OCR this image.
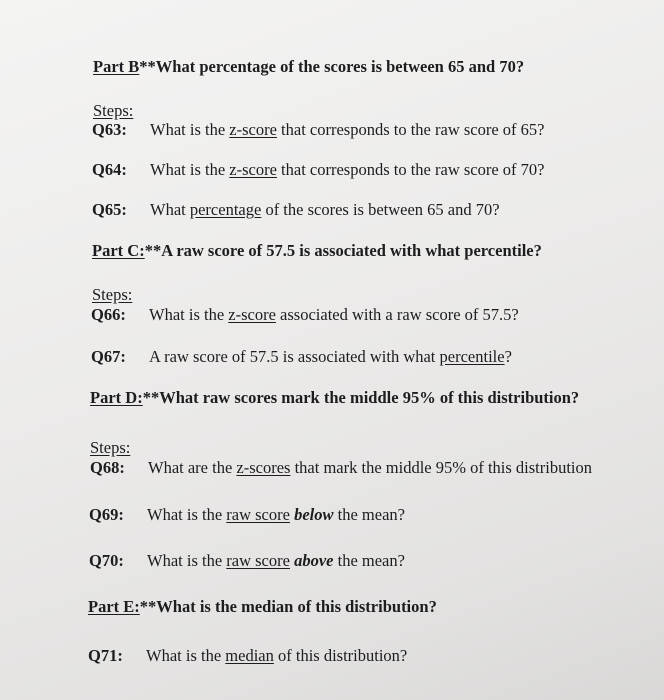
Part B**What percentage of the scores is between 65 and 70?
Steps:
Q63: What is the z-score that corresponds to the raw score of 65?
Q64: What is the z-score that corresponds to the raw score of 70?
Q65: What percentage of the scores is between 65 and 70?
Part C:**A raw score of 57.5 is associated with what percentile?
Steps:
Q66: What is the z-score associated with a raw score of 57.5?
Q67: A raw score of 57.5 is associated with what percentile?
Part D:**What raw scores mark the middle 95% of this distribution?
Steps:
Q68: What are the z-scores that mark the middle 95% of this distribution
Q69: What is the raw score below the mean?
Q70: What is the raw score above the mean?
Part E:**What is the median of this distribution?
Q71: What is the median of this distribution?
